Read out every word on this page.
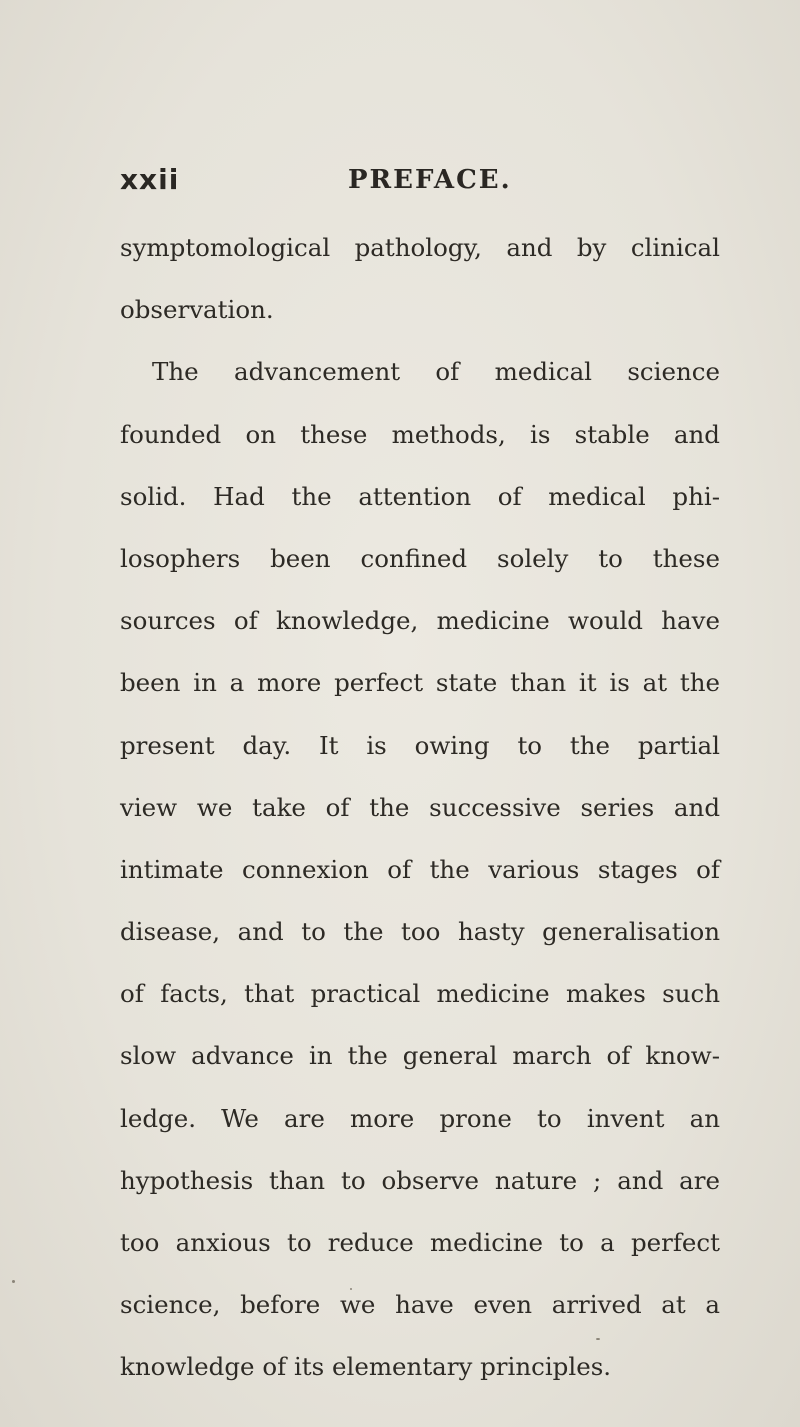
xxii	PREFACE.
symptomological pathology, and by clinical
observation.
The advancement of medical science
founded on these methods, is stable and
solid. Had the attention of medical phi-
losophers been confined solely to these
sources of knowledge, medicine would have
been in a more perfect state than it is at the
present day. It is owing to the partial
view we take of the successive series and
intimate connexion of the various stages of
disease, and to the too hasty generalisation
of facts, that practical medicine makes such
slow advance in the general march of know-
ledge. We are more prone to invent an
hypothesis than to observe nature ; and are
too anxious to reduce medicine to a perfect
science, before we have even arrived at a
knowledge of its elementary principles.
